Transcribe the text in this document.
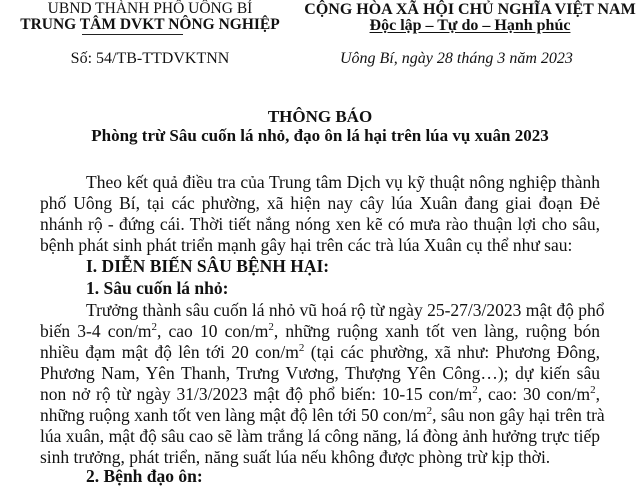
UBND THÀNH PHỐ UÔNG BÍ
TRUNG TÂM DVKT NÔNG NGHIỆP
Số: 54/TB-TTDVKTNN
CỘNG HÒA XÃ HỘI CHỦ NGHĨA VIỆT NAM
Độc lập – Tự do – Hạnh phúc
Uông Bí, ngày 28 tháng 3 năm 2023
THÔNG BÁO
Phòng trừ Sâu cuốn lá nhỏ, đạo ôn lá hại trên lúa vụ xuân 2023
Theo kết quả điều tra của Trung tâm Dịch vụ kỹ thuật nông nghiệp thành
phố Uông Bí, tại các phường, xã hiện nay cây lúa Xuân đang giai đoạn Đẻ
nhánh rộ - đứng cái. Thời tiết nắng nóng xen kẽ có mưa rào thuận lợi cho sâu,
bệnh phát sinh phát triển mạnh gây hại trên các trà lúa Xuân cụ thể như sau:
I. DIỄN BIẾN SÂU BỆNH HẠI:
1. Sâu cuốn lá nhỏ:
Trưởng thành sâu cuốn lá nhỏ vũ hoá rộ từ ngày 25-27/3/2023 mật độ phổ
biến 3-4 con/$m^2$, cao 10 con/$m^2$, những ruộng xanh tốt ven làng, ruộng bón
nhiều đạm mật độ lên tới 20 con/$m^2$ (tại các phường, xã như: Phương Đông,
Phương Nam, Yên Thanh, Trưng Vương, Thượng Yên Công…); dự kiến sâu
non nở rộ từ ngày 31/3/2023 mật độ phổ biến: 10-15 con/$m^2$, cao: 30 con/$m^2$,
những ruộng xanh tốt ven làng mật độ lên tới 50 con/$m^2$, sâu non gây hại trên trà
lúa xuân, mật độ sâu cao sẽ làm trắng lá công năng, lá đòng ảnh hưởng trực tiếp
sinh trưởng, phát triển, năng suất lúa nếu không được phòng trừ kịp thời.
2. Bệnh đạo ôn:
